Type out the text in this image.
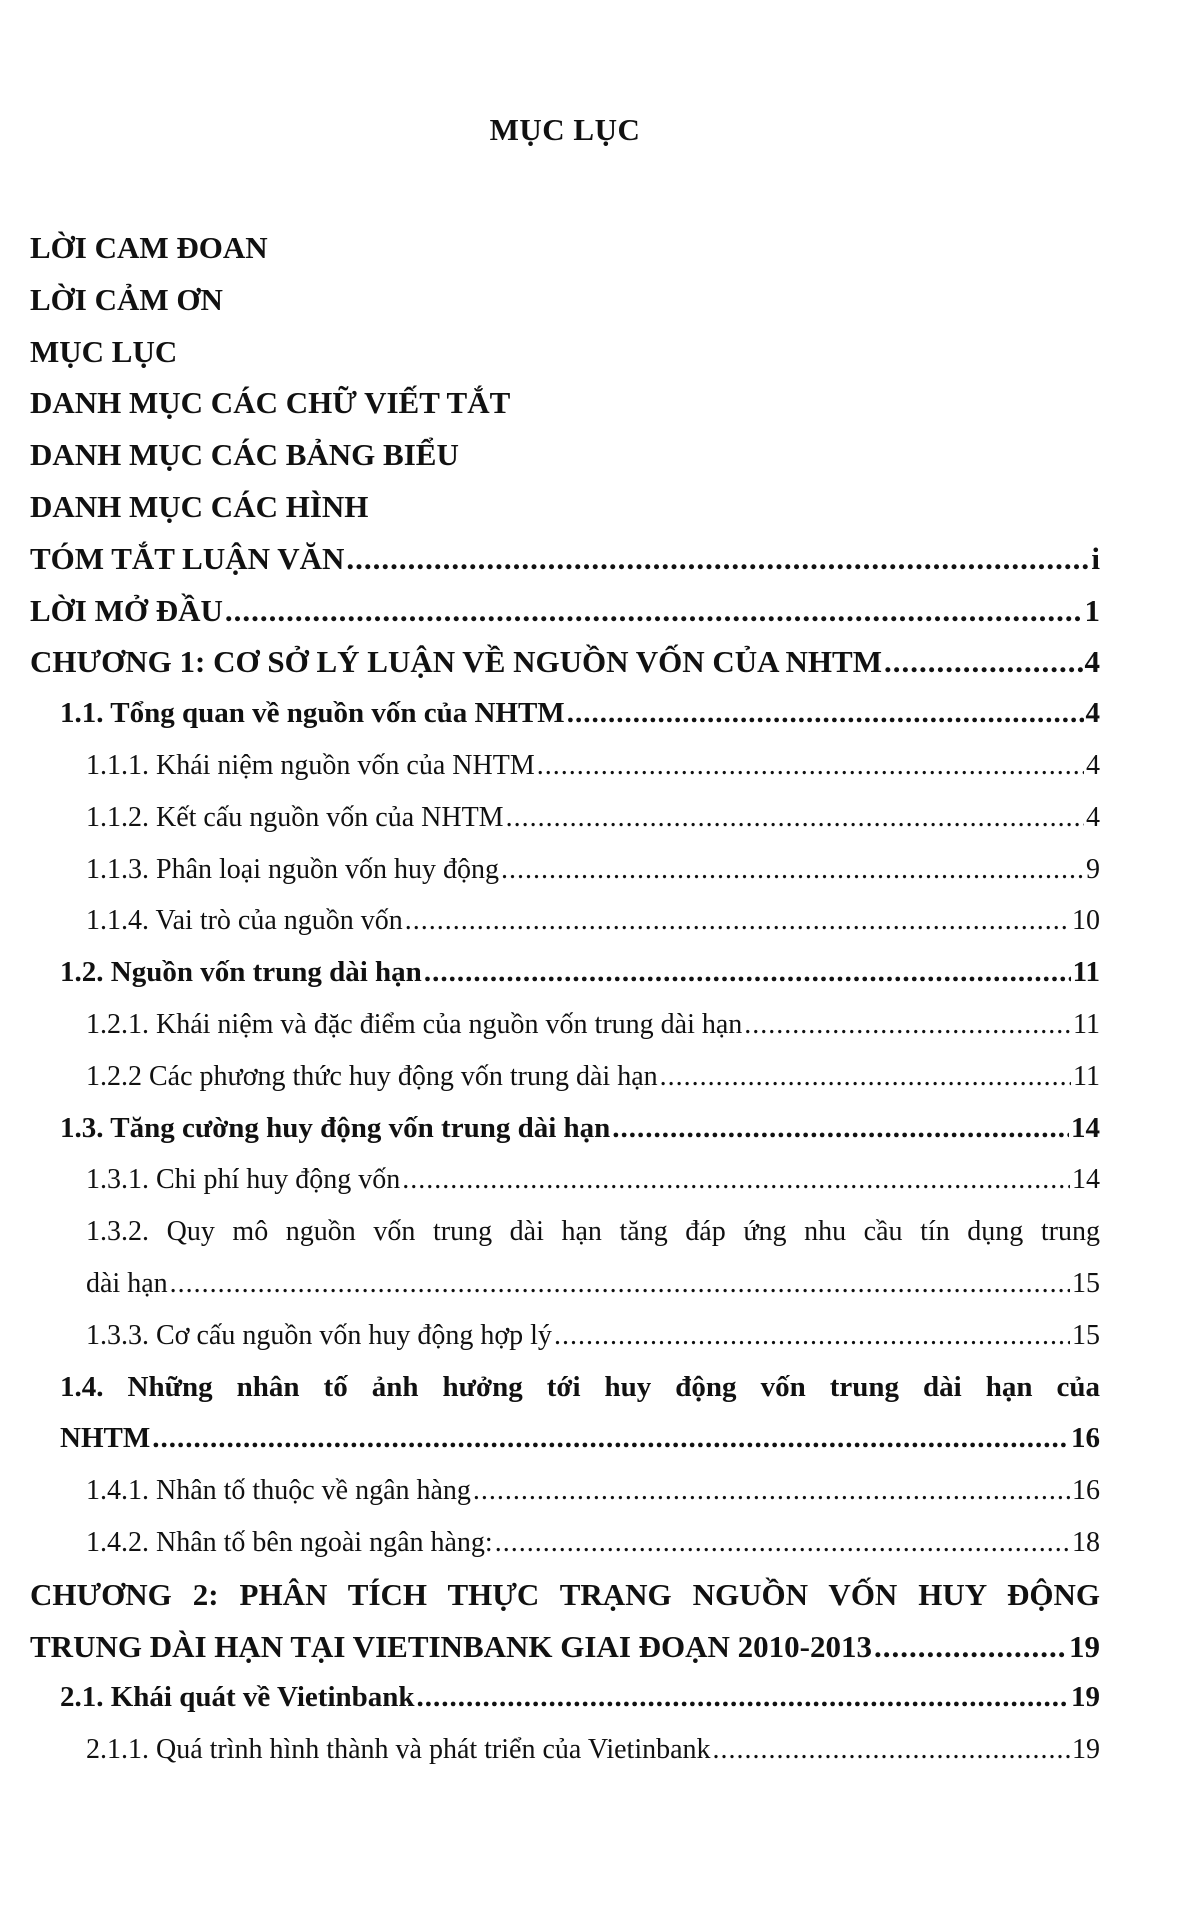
MỤC LỤC
LỜI CAM ĐOAN
LỜI CẢM ƠN
MỤC LỤC
DANH MỤC CÁC CHỮ VIẾT TẮT
DANH MỤC CÁC BẢNG BIỂU
DANH MỤC CÁC HÌNH
TÓM TẮT LUẬN VĂN .....	i
LỜI MỞ ĐẦU .....	1
CHƯƠNG 1: CƠ SỞ LÝ LUẬN VỀ NGUỒN VỐN CỦA NHTM .....	4
1.1. Tổng quan về nguồn vốn của NHTM .....	4
1.1.1. Khái niệm nguồn vốn của NHTM .....	4
1.1.2. Kết cấu nguồn vốn của NHTM .....	4
1.1.3. Phân loại nguồn vốn huy động .....	9
1.1.4. Vai trò của nguồn vốn .....	10
1.2. Nguồn vốn trung dài hạn .....	11
1.2.1. Khái niệm và đặc điểm của nguồn vốn trung dài hạn .....	11
1.2.2 Các phương thức huy động vốn trung dài hạn .....	11
1.3. Tăng cường huy động vốn trung dài hạn .....	14
1.3.1. Chi phí huy động vốn .....	14
1.3.2. Quy mô nguồn vốn trung dài hạn tăng đáp ứng nhu cầu tín dụng trung
dài hạn .....	15
1.3.3. Cơ cấu nguồn vốn huy động hợp lý .....	15
1.4. Những nhân tố ảnh hưởng tới huy động vốn trung dài hạn của
NHTM .....	16
1.4.1. Nhân tố thuộc về ngân hàng .....	16
1.4.2. Nhân tố bên ngoài ngân hàng: .....	18
CHƯƠNG 2: PHÂN TÍCH THỰC TRẠNG NGUỒN VỐN HUY ĐỘNG
TRUNG DÀI HẠN TẠI VIETINBANK GIAI ĐOẠN 2010-2013 .....	19
2.1. Khái quát về Vietinbank .....	19
2.1.1. Quá trình hình thành và phát triển của Vietinbank .....	19
